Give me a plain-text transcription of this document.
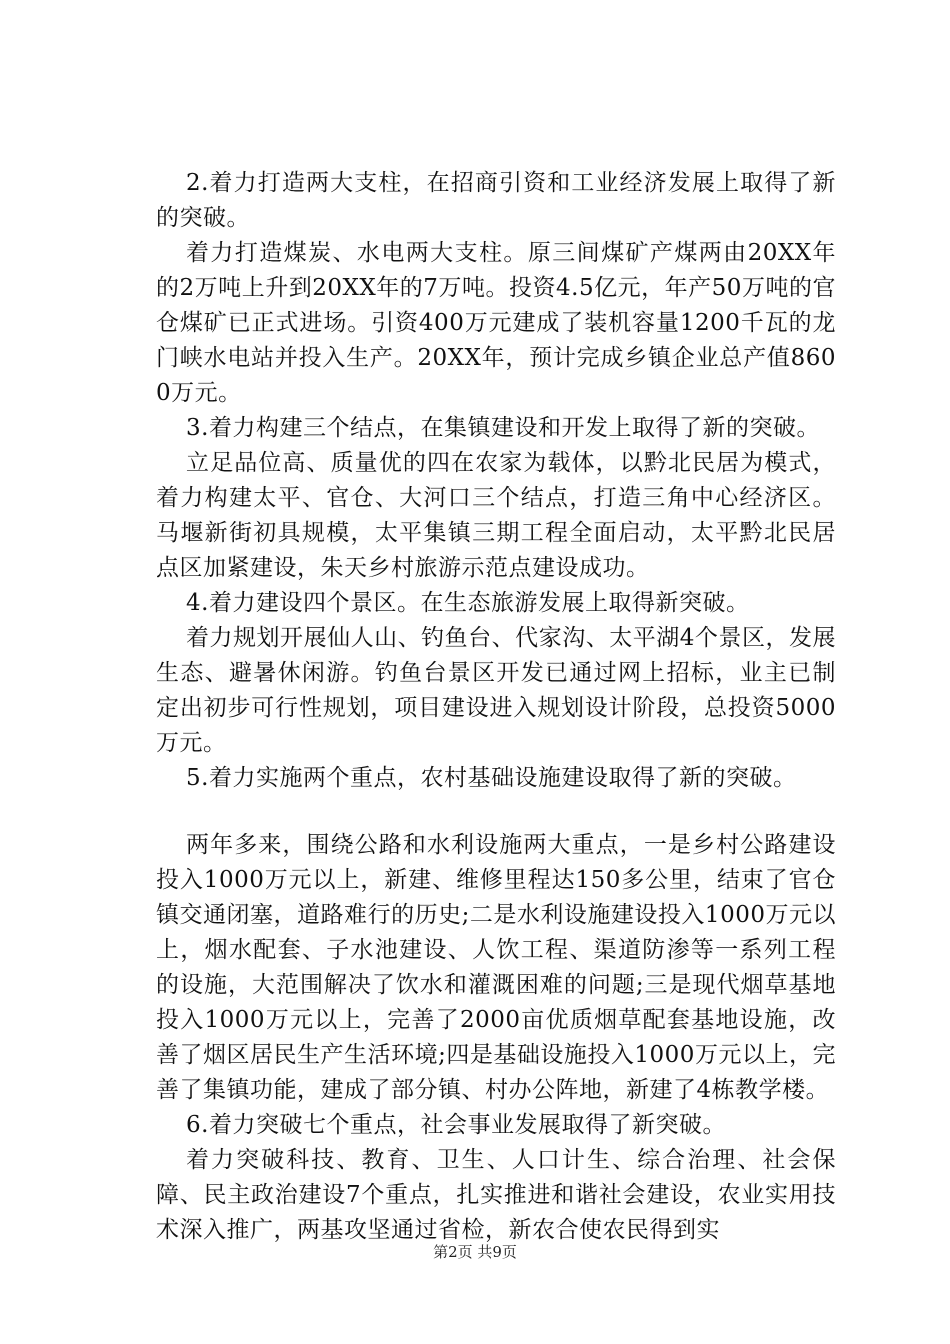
2.着力打造两大支柱，在招商引资和工业经济发展上取得了新的突破。

着力打造煤炭、水电两大支柱。原三间煤矿产煤两由20XX年的2万吨上升到20XX年的7万吨。投资4.5亿元，年产50万吨的官仓煤矿已正式进场。引资400万元建成了装机容量1200千瓦的龙门峡水电站并投入生产。20XX年，预计完成乡镇企业总产值8600万元。

3.着力构建三个结点，在集镇建设和开发上取得了新的突破。

立足品位高、质量优的四在农家为载体，以黔北民居为模式，着力构建太平、官仓、大河口三个结点，打造三角中心经济区。马堰新街初具规模，太平集镇三期工程全面启动，太平黔北民居点区加紧建设，朱天乡村旅游示范点建设成功。

4.着力建设四个景区。在生态旅游发展上取得新突破。

着力规划开展仙人山、钓鱼台、代家沟、太平湖4个景区，发展生态、避暑休闲游。钓鱼台景区开发已通过网上招标，业主已制定出初步可行性规划，项目建设进入规划设计阶段，总投资5000万元。

5.着力实施两个重点，农村基础设施建设取得了新的突破。

两年多来，围绕公路和水利设施两大重点，一是乡村公路建设投入1000万元以上，新建、维修里程达150多公里，结束了官仓镇交通闭塞，道路难行的历史;二是水利设施建设投入1000万元以上，烟水配套、子水池建设、人饮工程、渠道防渗等一系列工程的设施，大范围解决了饮水和灌溉困难的问题;三是现代烟草基地投入1000万元以上，完善了2000亩优质烟草配套基地设施，改善了烟区居民生产生活环境;四是基础设施投入1000万元以上，完善了集镇功能，建成了部分镇、村办公阵地，新建了4栋教学楼。

6.着力突破七个重点，社会事业发展取得了新突破。

着力突破科技、教育、卫生、人口计生、综合治理、社会保障、民主政治建设7个重点，扎实推进和谐社会建设，农业实用技术深入推广，两基攻坚通过省检，新农合使农民得到实

第2页 共9页
